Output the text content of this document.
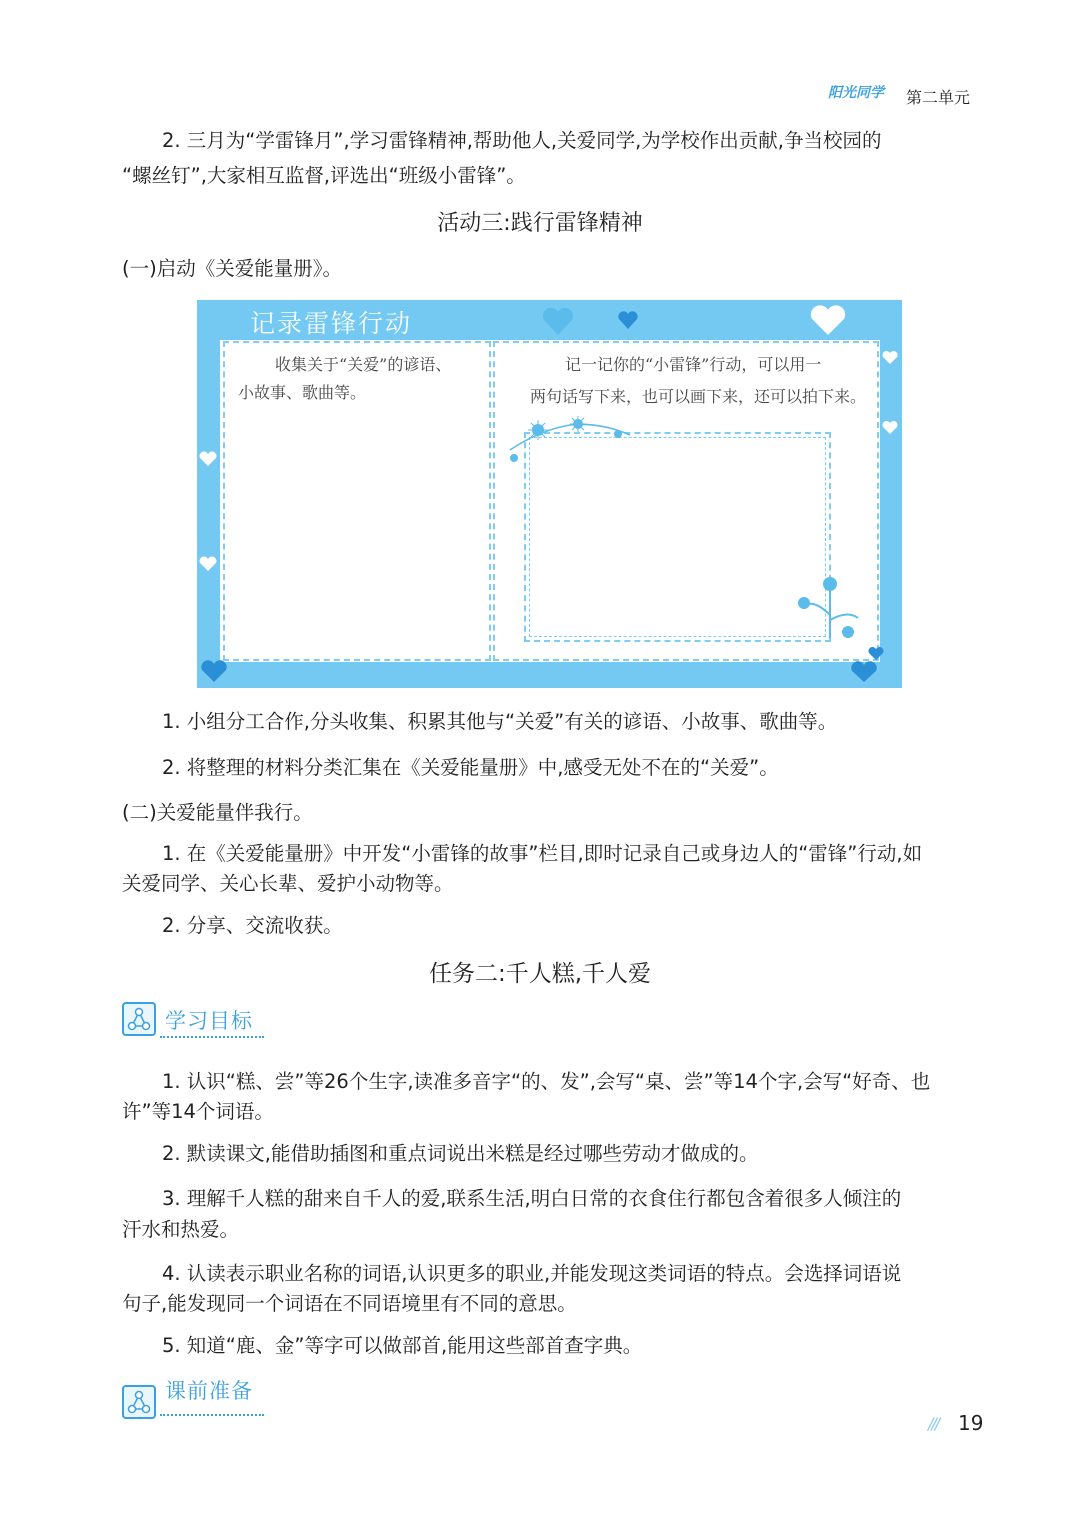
阳光同学	第二单元

2. 三月为“学雷锋月”,学习雷锋精神,帮助他人,关爱同学,为学校作出贡献,争当校园的

“螺丝钉”,大家相互监督,评选出“班级小雷锋”。

活动三:践行雷锋精神
(一)启动《关爱能量册》。
记录雷锋行动
收集关于“关爱”的谚语、
小故事、歌曲等。
记一记你的“小雷锋”行动，可以用一
两句话写下来，也可以画下来，还可以拍下来。

1. 小组分工合作,分头收集、积累其他与“关爱”有关的谚语、小故事、歌曲等。

2. 将整理的材料分类汇集在《关爱能量册》中,感受无处不在的“关爱”。

(二)关爱能量伴我行。

1. 在《关爱能量册》中开发“小雷锋的故事”栏目,即时记录自己或身边人的“雷锋”行动,如

关爱同学、关心长辈、爱护小动物等。

2. 分享、交流收获。

任务二:千人糕,千人爱
学习目标

1. 认识“糕、尝”等26个生字,读准多音字“的、发”,会写“桌、尝”等14个字,会写“好奇、也

许”等14个词语。

2. 默读课文,能借助插图和重点词说出米糕是经过哪些劳动才做成的。

3. 理解千人糕的甜来自千人的爱,联系生活,明白日常的衣食住行都包含着很多人倾注的

汗水和热爱。

4. 认读表示职业名称的词语,认识更多的职业,并能发现这类词语的特点。会选择词语说

句子,能发现同一个词语在不同语境里有不同的意思。

5. 知道“鹿、金”等字可以做部首,能用这些部首查字典。

课前准备
/// 19
